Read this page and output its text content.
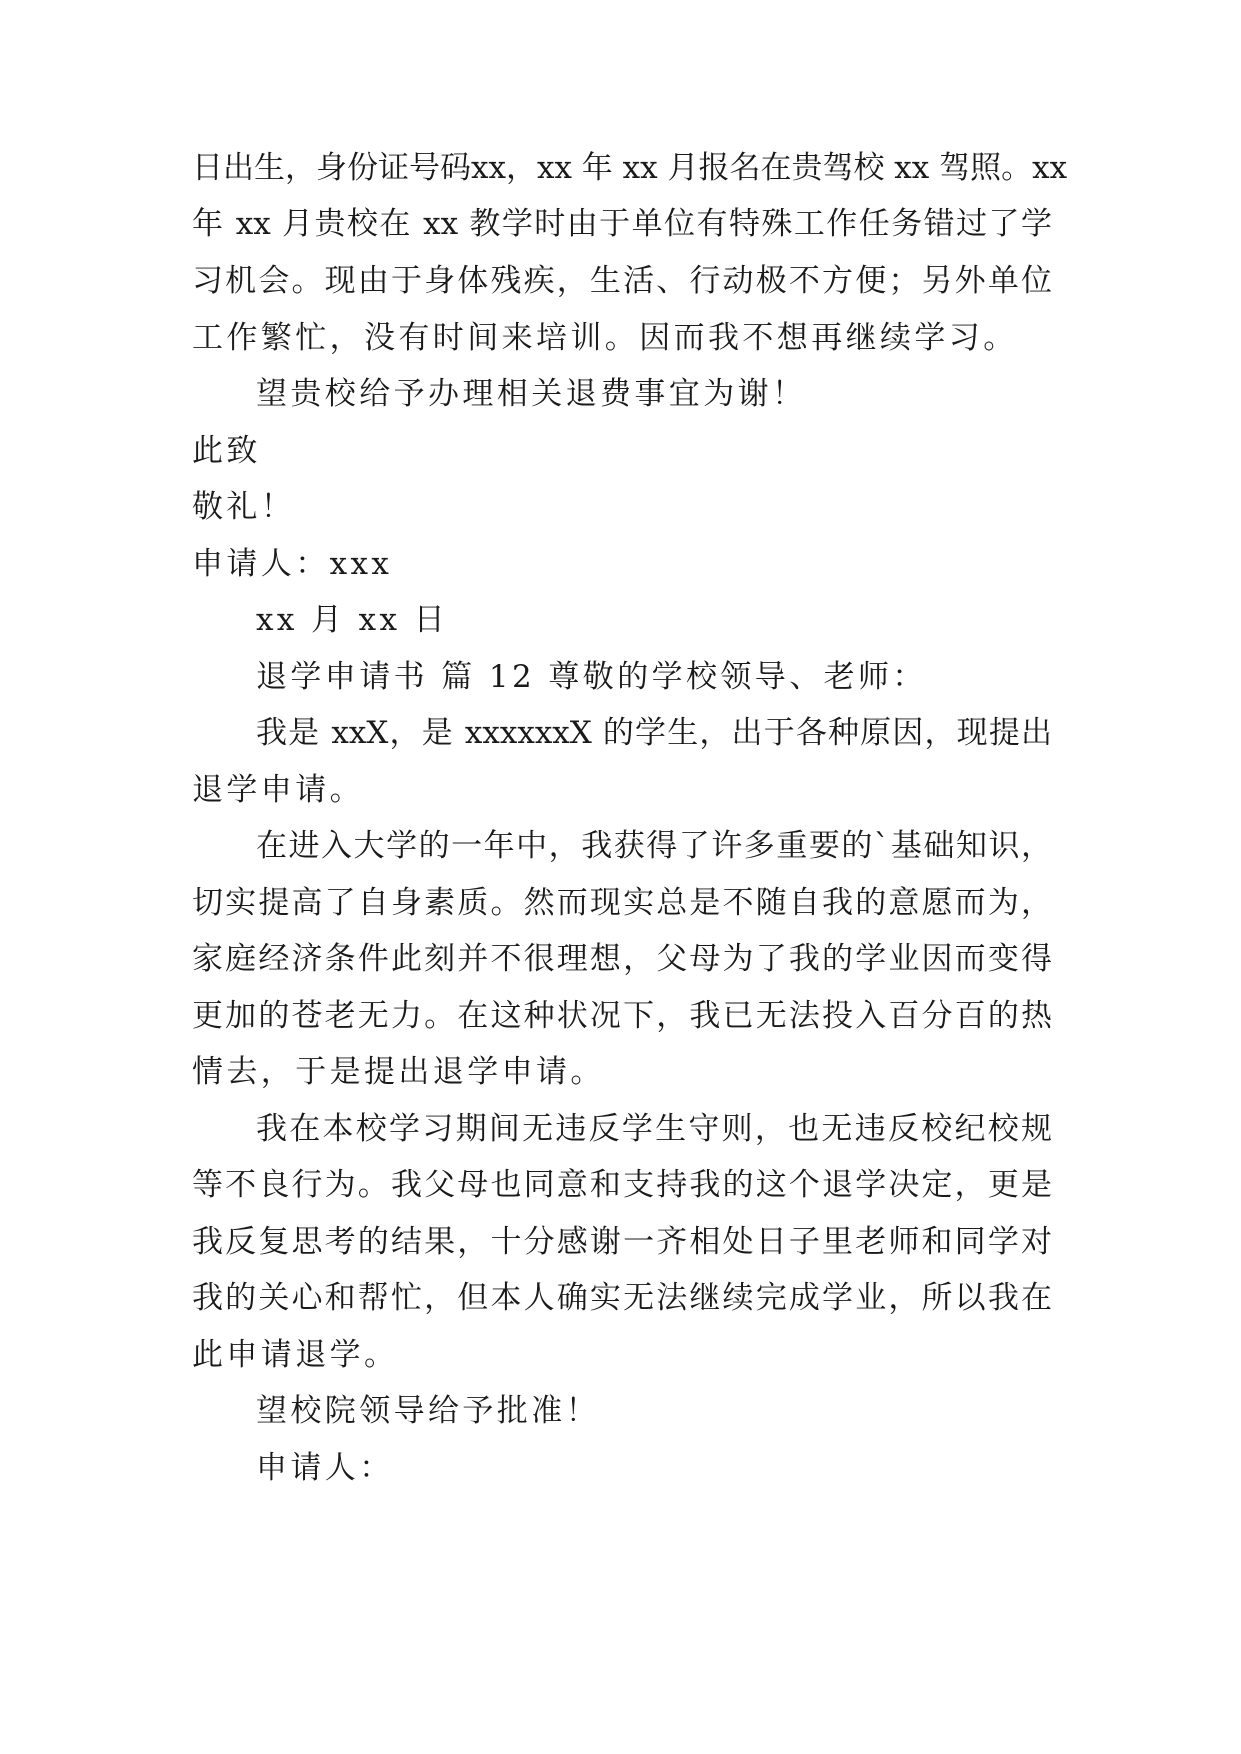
日出生，身份证号码xx，xx 年 xx 月报名在贵驾校 xx 驾照。xx
年 xx 月贵校在 xx 教学时由于单位有特殊工作任务错过了学
习机会。现由于身体残疾，生活、行动极不方便；另外单位
工作繁忙，没有时间来培训。因而我不想再继续学习。
望贵校给予办理相关退费事宜为谢！
此致
敬礼！
申请人：xxx
xx 月 xx 日
退学申请书 篇 12 尊敬的学校领导、老师：
我是 xxX，是 xxxxxxX 的学生，出于各种原因，现提出
退学申请。
在进入大学的一年中，我获得了许多重要的`基础知识，
切实提高了自身素质。然而现实总是不随自我的意愿而为，
家庭经济条件此刻并不很理想，父母为了我的学业因而变得
更加的苍老无力。在这种状况下，我已无法投入百分百的热
情去，于是提出退学申请。
我在本校学习期间无违反学生守则，也无违反校纪校规
等不良行为。我父母也同意和支持我的这个退学决定，更是
我反复思考的结果，十分感谢一齐相处日子里老师和同学对
我的关心和帮忙，但本人确实无法继续完成学业，所以我在
此申请退学。
望校院领导给予批准！
申请人：
